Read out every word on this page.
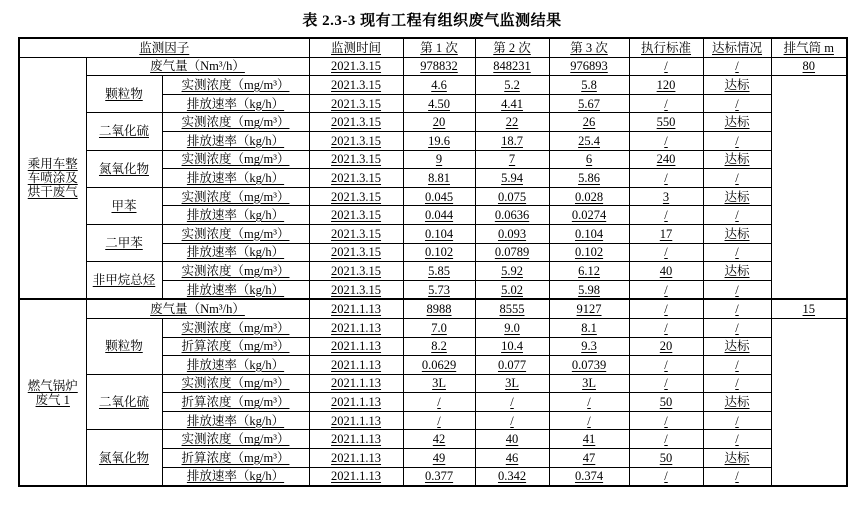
表 2.3-3 现有工程有组织废气监测结果
监测因子			监测时间	第 1 次	第 2 次	第 3 次	执行标准	达标情况	排气筒 m

乘用车整
车喷涂及
烘干废气	废气量（Nm³/h）		2021.3.15	978832	848231	976893	/	/	80
	颗粒物	实测浓度（mg/m³）	2021.3.15	4.6	5.2	5.8	120	达标	
		排放速率（kg/h）	2021.3.15	4.50	4.41	5.67	/	/	
	二氧化硫	实测浓度（mg/m³）	2021.3.15	20	22	26	550	达标	
		排放速率（kg/h）	2021.3.15	19.6	18.7	25.4	/	/	
	氮氧化物	实测浓度（mg/m³）	2021.3.15	9	7	6	240	达标	
		排放速率（kg/h）	2021.3.15	8.81	5.94	5.86	/	/	
	甲苯	实测浓度（mg/m³）	2021.3.15	0.045	0.075	0.028	3	达标	
		排放速率（kg/h）	2021.3.15	0.044	0.0636	0.0274	/	/	
	二甲苯	实测浓度（mg/m³）	2021.3.15	0.104	0.093	0.104	17	达标	
		排放速率（kg/h）	2021.3.15	0.102	0.0789	0.102	/	/	
	非甲烷总烃	实测浓度（mg/m³）	2021.3.15	5.85	5.92	6.12	40	达标	
		排放速率（kg/h）	2021.3.15	5.73	5.02	5.98	/	/	

燃气锅炉
废气 1	废气量（Nm³/h）		2021.1.13	8988	8555	9127	/	/	15
	颗粒物	实测浓度（mg/m³）	2021.1.13	7.0	9.0	8.1	/	/	
		折算浓度（mg/m³）	2021.1.13	8.2	10.4	9.3	20	达标	
		排放速率（kg/h）	2021.1.13	0.0629	0.077	0.0739	/	/	
	二氧化硫	实测浓度（mg/m³）	2021.1.13	3L	3L	3L	/	/	
		折算浓度（mg/m³）	2021.1.13	/	/	/	50	达标	
		排放速率（kg/h）	2021.1.13	/	/	/	/	/	
	氮氧化物	实测浓度（mg/m³）	2021.1.13	42	40	41	/	/	
		折算浓度（mg/m³）	2021.1.13	49	46	47	50	达标	
		排放速率（kg/h）	2021.1.13	0.377	0.342	0.374	/	/	
